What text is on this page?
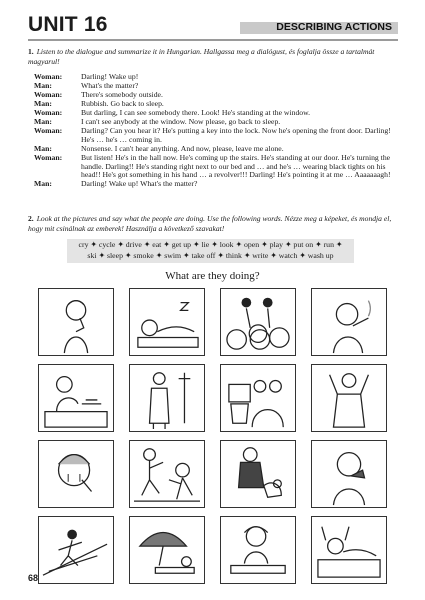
UNIT 16	DESCRIBING ACTIONS
1. Listen to the dialogue and summarize it in Hungarian. Hallgassa meg a dialógust, és foglalja össze a tartalmát magyarul!
Woman:	Darling! Wake up!
Man:	What's the matter?
Woman:	There's somebody outside.
Man:	Rubbish. Go back to sleep.
Woman:	But darling, I can see somebody there. Look! He's standing at the window.
Man:	I can't see anybody at the window. Now please, go back to sleep.
Woman:	Darling? Can you hear it? He's putting a key into the lock. Now he's opening the front door. Darling! He's … he's … coming in.
Man:	Nonsense. I can't hear anything. And now, please, leave me alone.
Woman:	But listen! He's in the hall now. He's coming up the stairs. He's standing at our door. He's turning the handle. Darling!! He's standing right next to our bed and … and he's … wearing black tights on his head!! He's got something in his hand … a revolver!!! Darling! He's pointing it at me … Aaaaaaagh!
Man:	Darling! Wake up! What's the matter?
2. Look at the pictures and say what the people are doing. Use the following words. Nézze meg a képeket, és mondja el, hogy mit csinálnak az emberek! Használja a következő szavakat!
cry ✦ cycle ✦ drive ✦ eat ✦ get up ✦ lie ✦ look ✦ open ✦ play ✦ put on ✦ run ✦
ski ✦ sleep ✦ smoke ✦ swim ✦ take off ✦ think ✦ write ✦ watch ✦ wash up
What are they doing?
68
